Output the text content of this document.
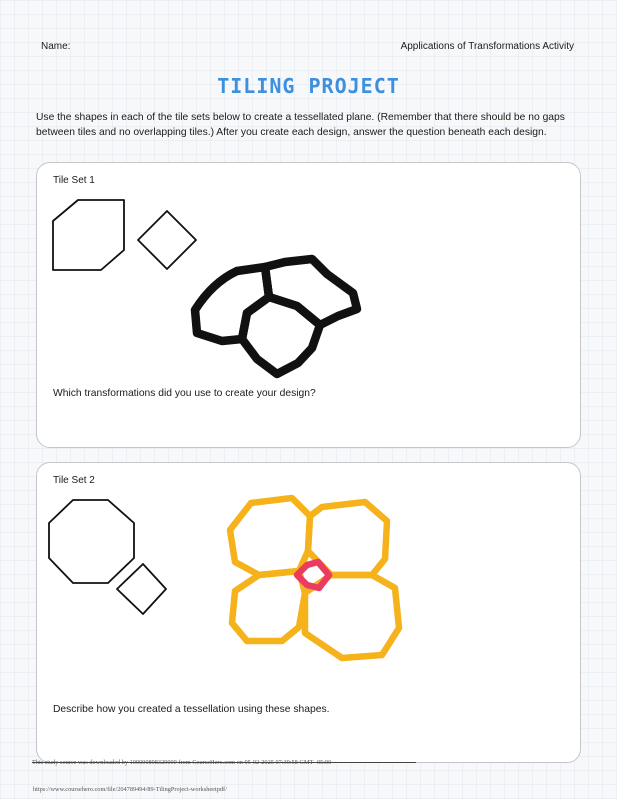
Name:	Applications of Transformations Activity
TILING PROJECT

Use the shapes in each of the tile sets below to create a tessellated plane. (Remember that there should be no gaps between tiles and no overlapping tiles.) After you create each design, answer the question beneath each design.

Tile Set 1
Which transformations did you use to create your design?
Tile Set 2
Describe how you created a tessellation using these shapes.
https://www.coursehero.com/file/204789494/89-TilingProject-worksheetpdf/
